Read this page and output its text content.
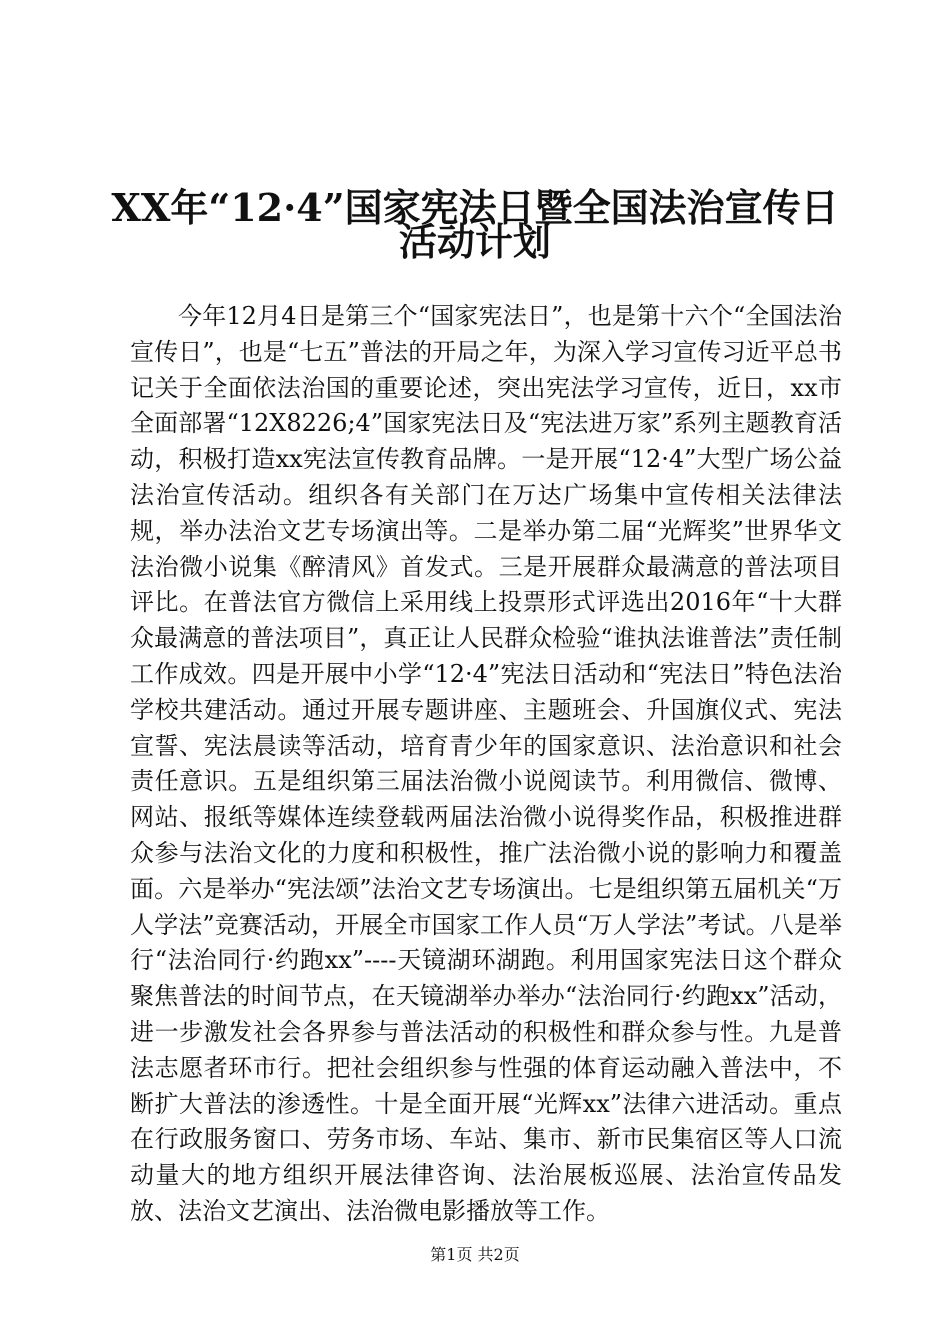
XX年“12·4”国家宪法日暨全国法治宣传日
活动计划

今年12月4日是第三个“国家宪法日”，也是第十六个“全国法治宣传日”，也是“七五”普法的开局之年，为深入学习宣传习近平总书记关于全面依法治国的重要论述，突出宪法学习宣传，近日，xx市全面部署“12X8226;4”国家宪法日及“宪法进万家”系列主题教育活动，积极打造xx宪法宣传教育品牌。一是开展“12·4”大型广场公益法治宣传活动。组织各有关部门在万达广场集中宣传相关法律法规，举办法治文艺专场演出等。二是举办第二届“光辉奖”世界华文法治微小说集《醉清风》首发式。三是开展群众最满意的普法项目评比。在普法官方微信上采用线上投票形式评选出2016年“十大群众最满意的普法项目”，真正让人民群众检验“谁执法谁普法”责任制工作成效。四是开展中小学“12·4”宪法日活动和“宪法日”特色法治学校共建活动。通过开展专题讲座、主题班会、升国旗仪式、宪法宣誓、宪法晨读等活动，培育青少年的国家意识、法治意识和社会责任意识。五是组织第三届法治微小说阅读节。利用微信、微博、网站、报纸等媒体连续登载两届法治微小说得奖作品，积极推进群众参与法治文化的力度和积极性，推广法治微小说的影响力和覆盖面。六是举办“宪法颂”法治文艺专场演出。七是组织第五届机关“万人学法”竞赛活动，开展全市国家工作人员“万人学法”考试。八是举行“法治同行·约跑xx”----天镜湖环湖跑。利用国家宪法日这个群众聚焦普法的时间节点，在天镜湖举办举办“法治同行·约跑xx”活动，进一步激发社会各界参与普法活动的积极性和群众参与性。九是普法志愿者环市行。把社会组织参与性强的体育运动融入普法中，不断扩大普法的渗透性。十是全面开展“光辉xx”法律六进活动。重点在行政服务窗口、劳务市场、车站、集市、新市民集宿区等人口流动量大的地方组织开展法律咨询、法治展板巡展、法治宣传品发放、法治文艺演出、法治微电影播放等工作。

第1页 共2页
